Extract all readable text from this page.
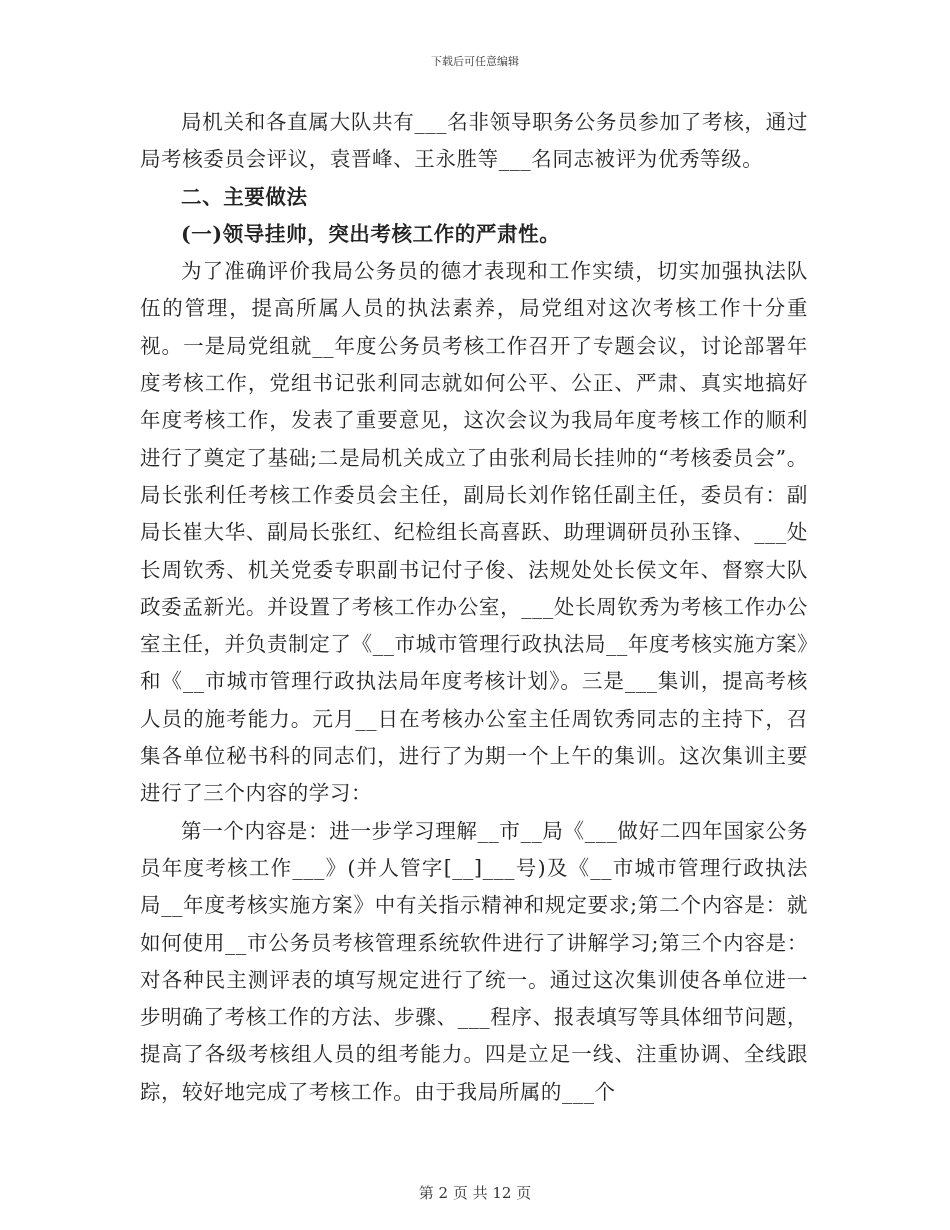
下载后可任意编辑

局机关和各直属大队共有___名非领导职务公务员参加了考核，通过局考核委员会评议，袁晋峰、王永胜等___名同志被评为优秀等级。

二、主要做法

(一)领导挂帅，突出考核工作的严肃性。

为了准确评价我局公务员的德才表现和工作实绩，切实加强执法队伍的管理，提高所属人员的执法素养，局党组对这次考核工作十分重视。一是局党组就__年度公务员考核工作召开了专题会议，讨论部署年度考核工作，党组书记张利同志就如何公平、公正、严肃、真实地搞好年度考核工作，发表了重要意见，这次会议为我局年度考核工作的顺利进行了奠定了基础;二是局机关成立了由张利局长挂帅的“考核委员会”。局长张利任考核工作委员会主任，副局长刘作铭任副主任，委员有：副局长崔大华、副局长张红、纪检组长高喜跃、助理调研员孙玉锋、___处长周钦秀、机关党委专职副书记付子俊、法规处处长侯文年、督察大队政委孟新光。并设置了考核工作办公室，___处长周钦秀为考核工作办公室主任，并负责制定了《__市城市管理行政执法局__年度考核实施方案》和《__市城市管理行政执法局年度考核计划》。三是___集训，提高考核人员的施考能力。元月__日在考核办公室主任周钦秀同志的主持下，召集各单位秘书科的同志们，进行了为期一个上午的集训。这次集训主要进行了三个内容的学习：

第一个内容是：进一步学习理解__市__局《___做好二四年国家公务员年度考核工作___》(并人管字[__]___号)及《__市城市管理行政执法局__年度考核实施方案》中有关指示精神和规定要求;第二个内容是：就如何使用__市公务员考核管理系统软件进行了讲解学习;第三个内容是：对各种民主测评表的填写规定进行了统一。通过这次集训使各单位进一步明确了考核工作的方法、步骤、___程序、报表填写等具体细节问题，提高了各级考核组人员的组考能力。四是立足一线、注重协调、全线跟踪，较好地完成了考核工作。由于我局所属的___个

第 2 页 共 12 页
